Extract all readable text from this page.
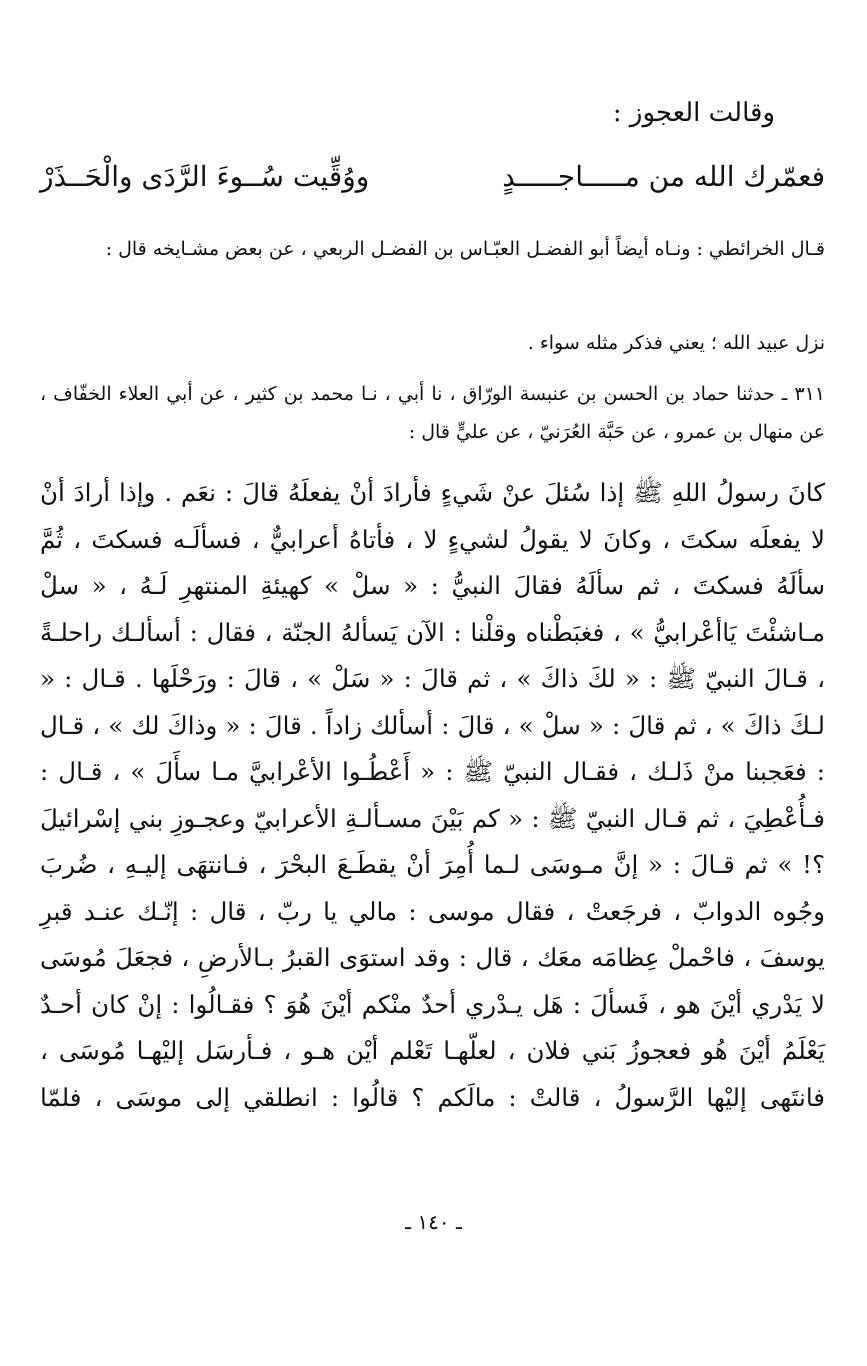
وقالت العجوز :
فعمّرك الله من مـــــاجـــــدٍ
ووُقِّيت سُــوءَ الرَّدَى والْحَــذَرْ
قـال الخرائطي : ونـاه أيضاً أبو الفضـل العبّـاس بن الفضـل الربعي ، عن بعض مشـايخه قال :
نزل عبيد الله ؛ يعني فذكر مثله سواء .
٣١١ ـ حدثنا حماد بن الحسن بن عنبسة الورّاق ، نا أبي ، نـا محمد بن كثير ، عن أبي العلاء الخفّاف ، عن منهال بن عمرو ، عن حَبَّة العُرَنيّ ، عن عليٍّ قال :
كانَ رسولُ اللهِ ﷺ إذا سُئلَ عنْ شَيءٍ فأرادَ أنْ يفعلَهُ قالَ : نعَم . وإذا أرادَ أنْ لا يفعلَه سكتَ ، وكانَ لا يقولُ لشيءٍ لا ، فأتاهُ أعرابيٌّ ، فسألَـه فسكتَ ، ثُمَّ سألَهُ فسكتَ ، ثم سألَهُ فقالَ النبيُّ : « سلْ » كهيئةِ المنتهرِ لَـهُ ، « سلْ مـاشئْتَ يَاأعْرابيُّ » ، فغبَطْناه وقلْنا : الآن يَسألهُ الجنّة ، فقال : أسألـك راحلـةً ، قـالَ النبيّ ﷺ : « لكَ ذاكَ » ، ثم قالَ : « سَلْ » ، قالَ : ورَحْلَها . قـال : « لـكَ ذاكَ » ، ثم قالَ : « سلْ » ، قالَ : أسألك زاداً . قالَ : « وذاكَ لك » ، قـال : فعَجبنا منْ ذَلـك ، فقـال النبيّ ﷺ : « أَعْطُـوا الأعْرابيَّ مـا سأَلَ » ، قـال : فـأُعْطِيَ ، ثم قـال النبيّ ﷺ : « كم بَيْنَ مسـألـةِ الأعرابيّ وعجـوزِ بني إسْرائيلَ ؟! » ثم قـالَ : « إنَّ مـوسَى لـما أُمِرَ أنْ يقطَـعَ البحْرَ ، فـانتهَى إليـهِ ، ضُربَ وجُوه الدوابّ ، فرجَعتْ ، فقال موسى : مالي يا ربّ ، قال : إنّـك عنـد قبرِ يوسفَ ، فاحْملْ عِظامَه معَك ، قال : وقد استوَى القبرُ بـالأرضِ ، فجعَلَ مُوسَى لا يَدْري أيْنَ هو ، فَسألَ : هَل يـدْري أحدٌ منْكم أيْنَ هُوَ ؟ فقـالُوا : إنْ كان أحـدٌ يَعْلَمُ أيْنَ هُو فعجوزُ بَني فلان ، لعلّهـا تَعْلم أيْن هـو ، فـأرسَل إليْهـا مُوسَى ، فانتَهى إليْها الرَّسولُ ، قالتْ : مالَكم ؟ قالُوا : انطلقي إلى موسَى ، فلمّا
ـ ١٤٠ ـ
